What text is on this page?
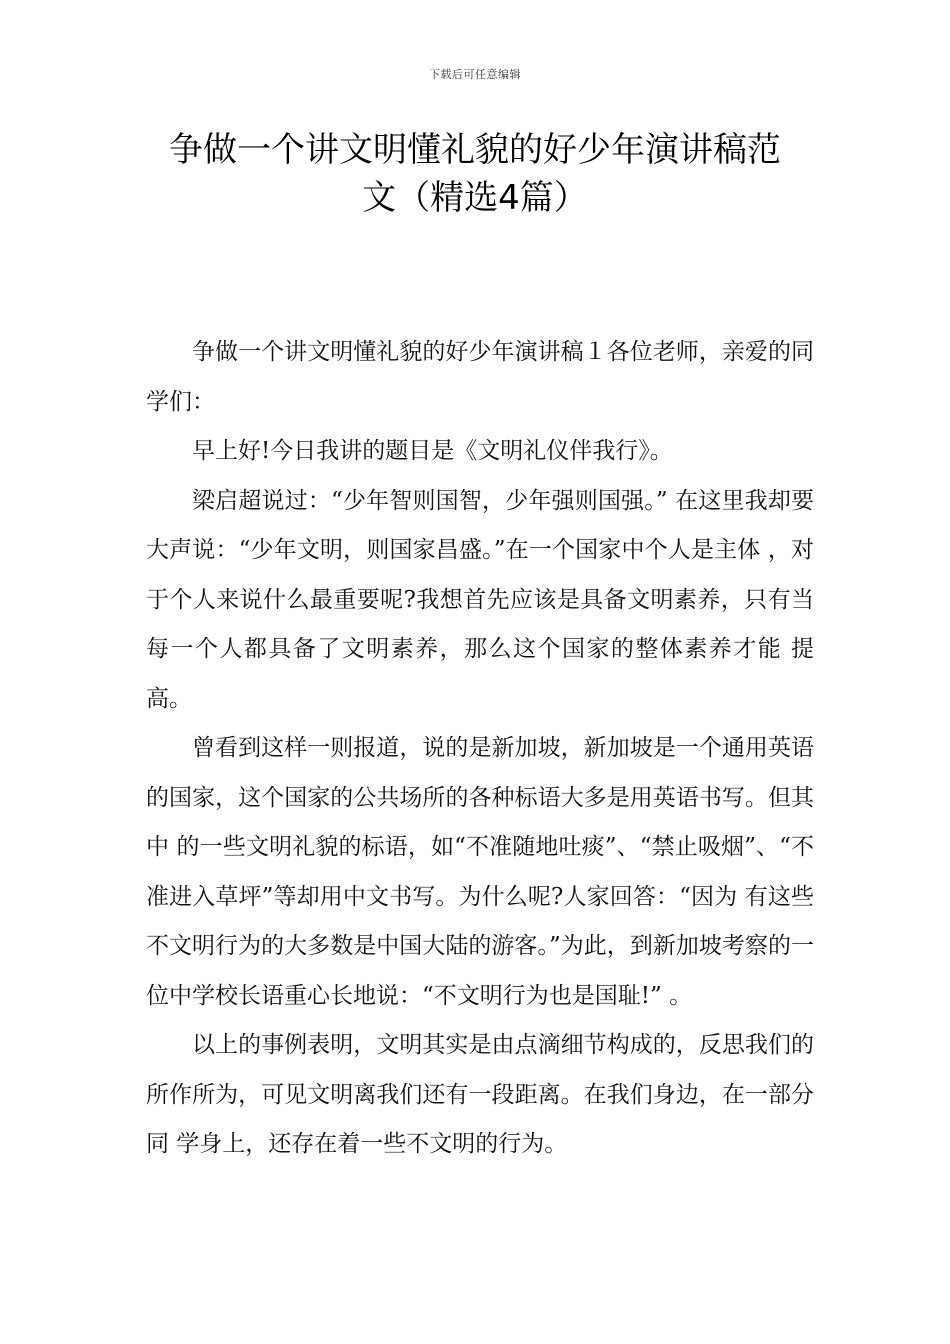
下载后可任意编辑
争做一个讲文明懂礼貌的好少年演讲稿范
文（精选4篇）

争做一个讲文明懂礼貌的好少年演讲稿１各位老师，亲爱的同学们：

早上好!今日我讲的题目是《文明礼仪伴我行》。

梁启超说过：“少年智则国智，少年强则国强。” 在这里我却要大声说：“少年文明，则国家昌盛。”在一个国家中个人是主体 ，对于个人来说什么最重要呢?我想首先应该是具备文明素养，只有当每一个人都具备了文明素养，那么这个国家的整体素养才能 提高。

曾看到这样一则报道，说的是新加坡，新加坡是一个通用英语的国家，这个国家的公共场所的各种标语大多是用英语书写。但其中 的一些文明礼貌的标语，如“不准随地吐痰”、“禁止吸烟”、“不准进入草坪”等却用中文书写。为什么呢?人家回答：“因为 有这些不文明行为的大多数是中国大陆的游客。”为此，到新加坡考察的一位中学校长语重心长地说：“不文明行为也是国耻!” 。

以上的事例表明，文明其实是由点滴细节构成的，反思我们的所作所为，可见文明离我们还有一段距离。在我们身边，在一部分同 学身上，还存在着一些不文明的行为。
